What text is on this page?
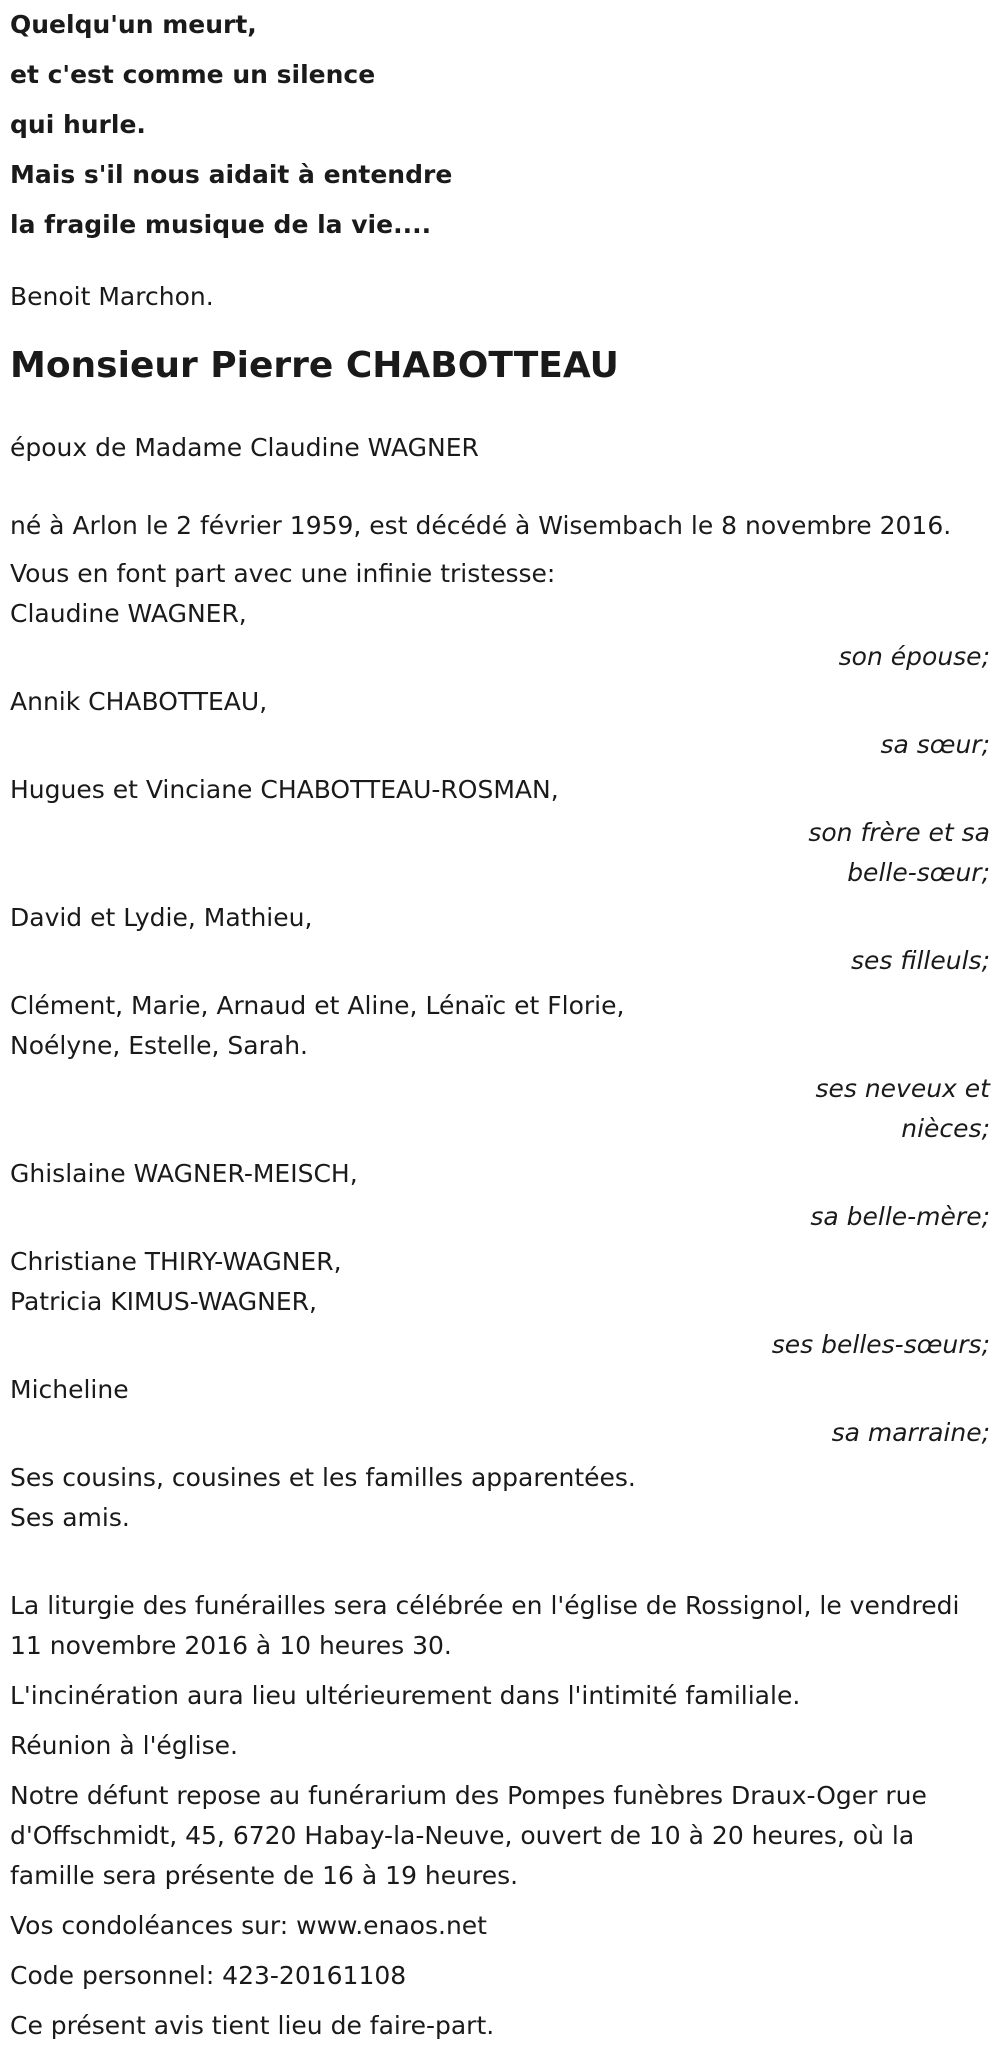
Quelqu'un meurt,
et c'est comme un silence
qui hurle.
Mais s'il nous aidait à entendre
la fragile musique de la vie....
Benoit Marchon.
Monsieur Pierre CHABOTTEAU
époux de Madame Claudine WAGNER
né à Arlon le 2 février 1959, est décédé à Wisembach le 8 novembre 2016.
Vous en font part avec une infinie tristesse:
Claudine WAGNER,
son épouse;
Annik CHABOTTEAU,
sa sœur;
Hugues et Vinciane CHABOTTEAU-ROSMAN,
son frère et sa belle-sœur;
David et Lydie, Mathieu,
ses filleuls;
Clément, Marie, Arnaud et Aline, Lénaïc et Florie,
Noélyne, Estelle, Sarah.
ses neveux et nièces;
Ghislaine WAGNER-MEISCH,
sa belle-mère;
Christiane THIRY-WAGNER,
Patricia KIMUS-WAGNER,
ses belles-sœurs;
Micheline
sa marraine;
Ses cousins, cousines et les familles apparentées.
Ses amis.
La liturgie des funérailles sera célébrée en l'église de Rossignol, le vendredi 11 novembre 2016 à 10 heures 30.
L'incinération aura lieu ultérieurement dans l'intimité familiale.
Réunion à l'église.
Notre défunt repose au funérarium des Pompes funèbres Draux-Oger rue d'Offschmidt, 45, 6720 Habay-la-Neuve, ouvert de 10 à 20 heures, où la famille sera présente de 16 à 19 heures.
Vos condoléances sur: www.enaos.net
Code personnel: 423-20161108
Ce présent avis tient lieu de faire-part.
